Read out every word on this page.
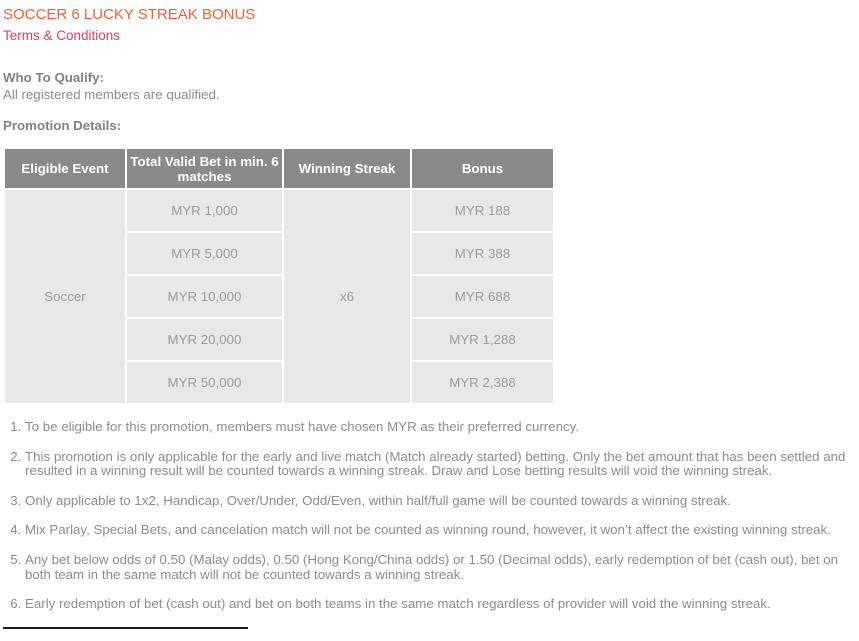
SOCCER 6 LUCKY STREAK BONUS
Terms & Conditions
Who To Qualify:
All registered members are qualified.
Promotion Details:
Eligible Event	Total Valid Bet in min. 6 matches	Winning Streak	Bonus
Soccer	MYR 1,000	x6	MYR 188
	MYR 5,000		MYR 388
	MYR 10,000		MYR 688
	MYR 20,000		MYR 1,288
	MYR 50,000		MYR 2,388
1. To be eligible for this promotion, members must have chosen MYR as their preferred currency.
2. This promotion is only applicable for the early and live match (Match already started) betting. Only the bet amount that has been settled and resulted in a winning result will be counted towards a winning streak. Draw and Lose betting results will void the winning streak.
3. Only applicable to 1x2, Handicap, Over/Under, Odd/Even, within half/full game will be counted towards a winning streak.
4. Mix Parlay, Special Bets, and cancelation match will not be counted as winning round, however, it won’t affect the existing winning streak.
5. Any bet below odds of 0.50 (Malay odds), 0.50 (Hong Kong/China odds) or 1.50 (Decimal odds), early redemption of bet (cash out), bet on both team in the same match will not be counted towards a winning streak.
6. Early redemption of bet (cash out) and bet on both teams in the same match regardless of provider will void the winning streak.
